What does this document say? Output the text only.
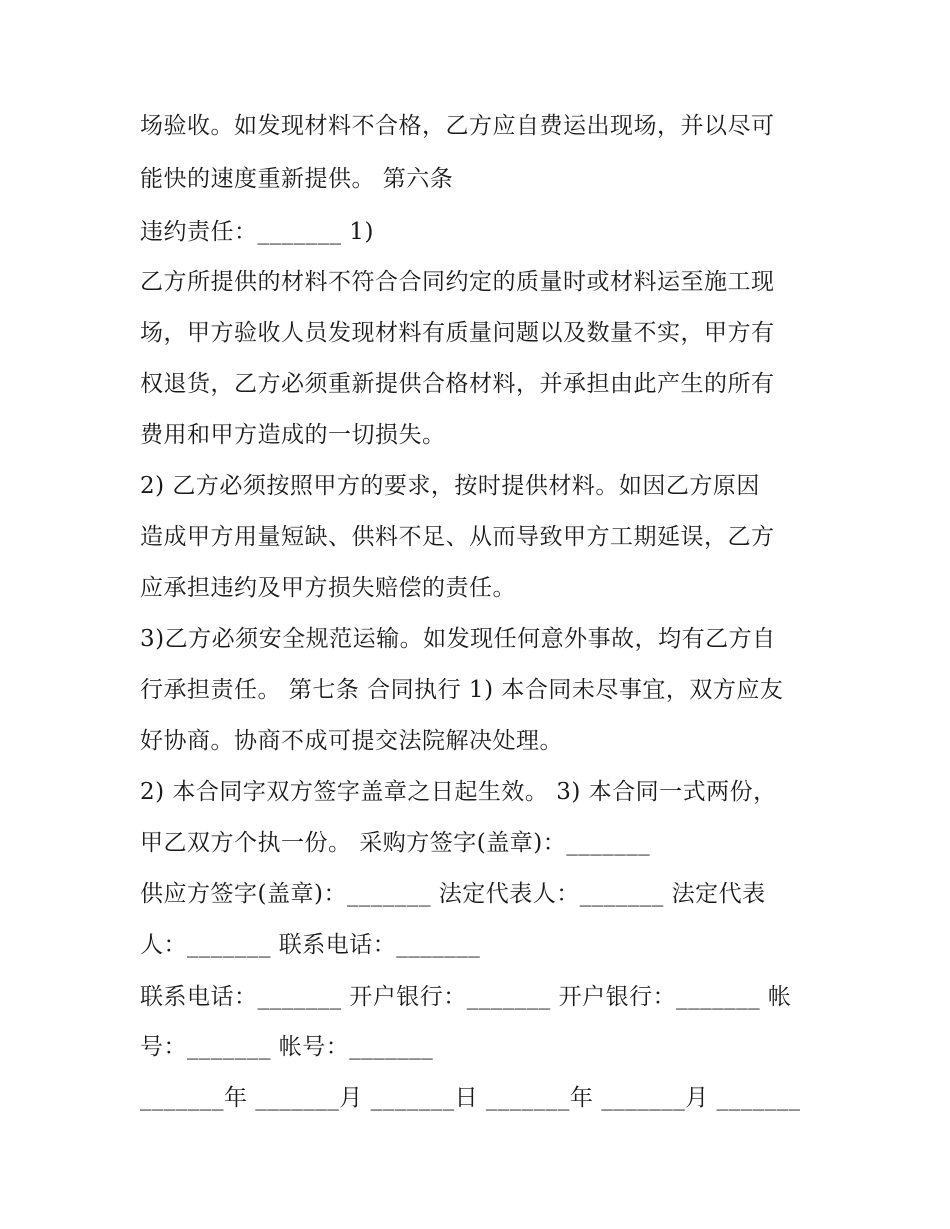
场验收。如发现材料不合格，乙方应自费运出现场，并以尽可
能快的速度重新提供。 第六条
违约责任：_______ 1)
乙方所提供的材料不符合合同约定的质量时或材料运至施工现
场，甲方验收人员发现材料有质量问题以及数量不实，甲方有
权退货，乙方必须重新提供合格材料，并承担由此产生的所有
费用和甲方造成的一切损失。
2) 乙方必须按照甲方的要求，按时提供材料。如因乙方原因
造成甲方用量短缺、供料不足、从而导致甲方工期延误，乙方
应承担违约及甲方损失赔偿的责任。
3)乙方必须安全规范运输。如发现任何意外事故，均有乙方自
行承担责任。 第七条 合同执行 1) 本合同未尽事宜，双方应友
好协商。协商不成可提交法院解决处理。
2) 本合同字双方签字盖章之日起生效。 3) 本合同一式两份，
甲乙双方个执一份。 采购方签字(盖章)：_______
供应方签字(盖章)：_______ 法定代表人：_______ 法定代表
人：_______ 联系电话：_______
联系电话：_______ 开户银行：_______ 开户银行：_______ 帐
号：_______ 帐号：_______
_______年 _______月 _______日 _______年 _______月 _______
